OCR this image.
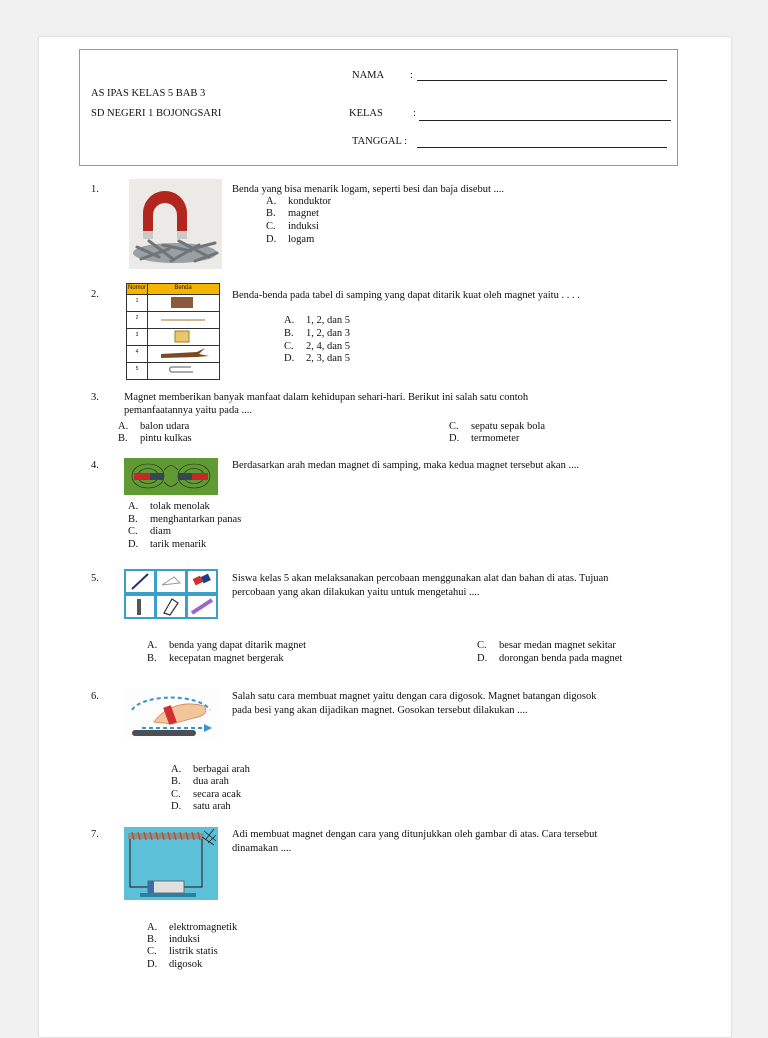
AS IPAS KELAS 5 BAB 3
SD NEGERI 1 BOJONGSARI
NAMA :
KELAS	:
TANGGAL :
1.	Benda yang bisa menarik logam, seperti besi dan baja disebut ....
A. konduktor
B. magnet
C. induksi
D. logam
2.
Nomor	Benda
1
2
3
4
5
Benda-benda pada tabel di samping yang dapat ditarik kuat oleh magnet yaitu . . . .
A. 1, 2, dan 5
B. 1, 2, dan 3
C. 2, 4, dan 5
D. 2, 3, dan 5
3. Magnet memberikan banyak manfaat dalam kehidupan sehari-hari. Berikut ini salah satu contoh
pemanfaatannya yaitu pada ....
A. balon udara
B. pintu kulkas
C. sepatu sepak bola
D. termometer
4.	Berdasarkan arah medan magnet di samping, maka kedua magnet tersebut akan ....
A. tolak menolak
B. menghantarkan panas
C. diam
D. tarik menarik
5.	Siswa kelas 5 akan melaksanakan percobaan menggunakan alat dan bahan di atas. Tujuan
percobaan yang akan dilakukan yaitu untuk mengetahui ....
A. benda yang dapat ditarik magnet
B. kecepatan magnet bergerak
C. besar medan magnet sekitar
D. dorongan benda pada magnet
6.	Salah satu cara membuat magnet yaitu dengan cara digosok. Magnet batangan digosok
pada besi yang akan dijadikan magnet. Gosokan tersebut dilakukan ....
A. berbagai arah
B. dua arah
C. secara acak
D. satu arah
7.	Adi membuat magnet dengan cara yang ditunjukkan oleh gambar di atas. Cara tersebut
dinamakan ....
A. elektromagnetik
B. induksi
C. listrik statis
D. digosok
